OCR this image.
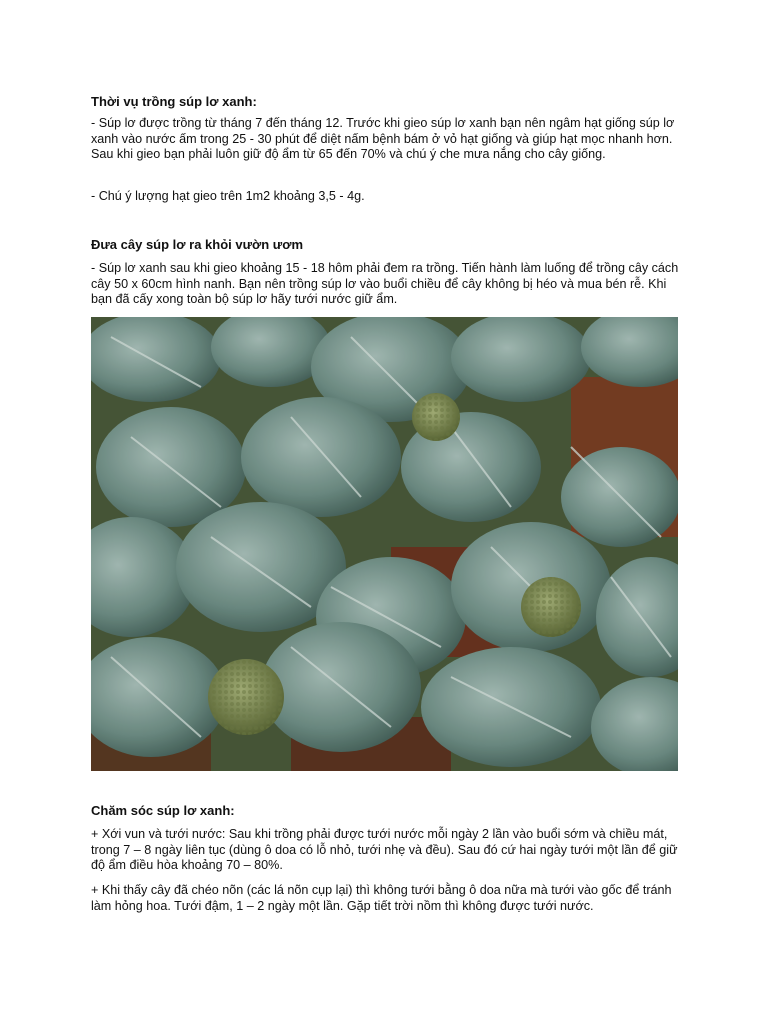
Thời vụ trồng súp lơ xanh:

- Súp lơ được trồng từ tháng 7 đến tháng 12. Trước khi gieo súp lơ xanh bạn nên ngâm hạt giống súp lơ xanh vào nước ấm trong 25 - 30 phút để diệt nấm bệnh bám ở vỏ hạt giống và giúp hạt mọc nhanh hơn. Sau khi gieo bạn phải luôn giữ độ ẩm từ 65 đến 70% và chú ý che mưa nắng cho cây giống.

- Chú ý lượng hạt gieo trên 1m2 khoảng 3,5 - 4g.

Đưa cây súp lơ ra khỏi vườn ươm

- Súp lơ xanh sau khi gieo khoảng 15 - 18 hôm phải đem ra trồng. Tiến hành làm luống để trồng cây cách cây 50 x 60cm hình nanh. Bạn nên trồng súp lơ vào buổi chiều để cây không bị héo và mua bén rễ. Khi bạn đã cấy xong toàn bộ súp lơ hãy tưới nước giữ ẩm.

Chăm sóc súp lơ xanh:

+ Xới vun và tưới nước: Sau khi trồng phải được tưới nước mỗi ngày 2 lần vào buổi sớm và chiều mát, trong 7 – 8 ngày liên tục (dùng ô doa có lỗ nhỏ, tưới nhẹ và đều). Sau đó cứ hai ngày tưới một lần để giữ độ ẩm điều hòa khoảng 70 – 80%.

+ Khi thấy cây đã chéo nõn (các lá nõn cụp lại) thì không tưới bằng ô doa nữa mà tưới vào gốc để tránh làm hỏng hoa. Tưới đậm, 1 – 2 ngày một lần. Gặp tiết trời nồm thì không được tưới nước.
